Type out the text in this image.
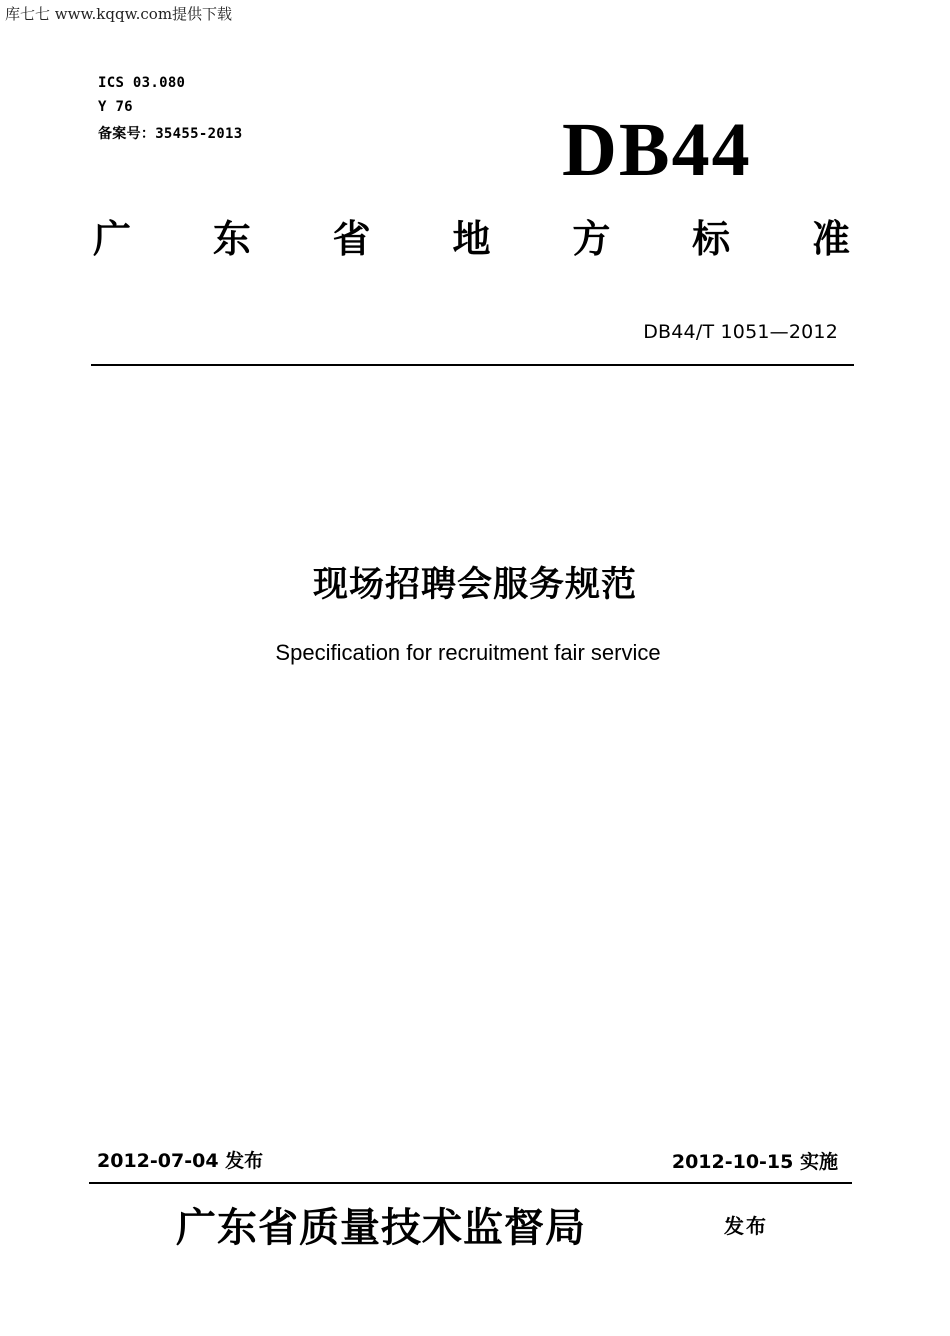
库七七 www.kqqw.com提供下载
ICS 03.080
Y 76
备案号：35455-2013	DB44
广 东 省 地 方 标 准
DB44/T 1051—2012
现场招聘会服务规范
Specification for recruitment fair service
2012-07-04 发布	2012-10-15 实施
广东省质量技术监督局	发布
